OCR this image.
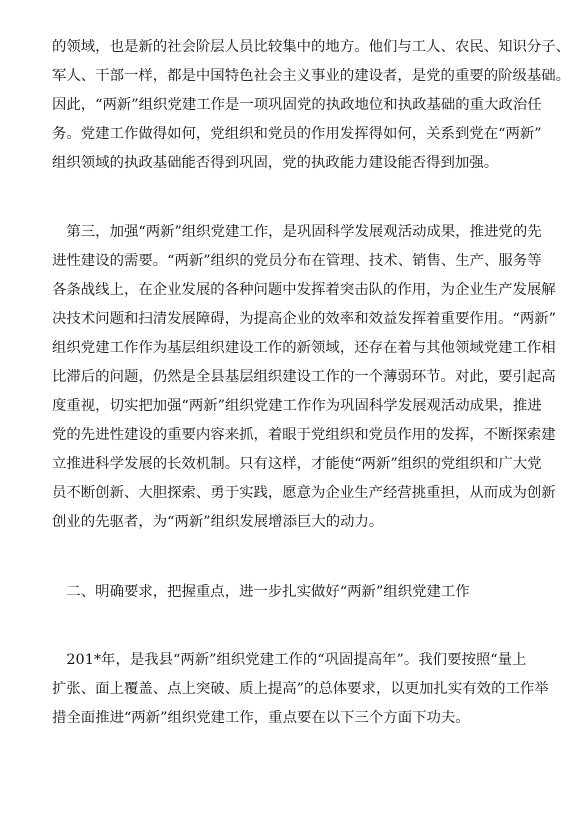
的领域，也是新的社会阶层人员比较集中的地方。他们与工人、农民、知识分子、
军人、干部一样，都是中国特色社会主义事业的建设者，是党的重要的阶级基础。
因此，“两新”组织党建工作是一项巩固党的执政地位和执政基础的重大政治任
务。党建工作做得如何，党组织和党员的作用发挥得如何，关系到党在“两新”
组织领域的执政基础能否得到巩固，党的执政能力建设能否得到加强。
　第三，加强“两新”组织党建工作，是巩固科学发展观活动成果，推进党的先
进性建设的需要。“两新”组织的党员分布在管理、技术、销售、生产、服务等
各条战线上，在企业发展的各种问题中发挥着突击队的作用，为企业生产发展解
决技术问题和扫清发展障碍，为提高企业的效率和效益发挥着重要作用。“两新”
组织党建工作作为基层组织建设工作的新领域，还存在着与其他领域党建工作相
比滞后的问题，仍然是全县基层组织建设工作的一个薄弱环节。对此，要引起高
度重视，切实把加强“两新”组织党建工作作为巩固科学发展观活动成果，推进
党的先进性建设的重要内容来抓，着眼于党组织和党员作用的发挥，不断探索建
立推进科学发展的长效机制。只有这样，才能使“两新”组织的党组织和广大党
员不断创新、大胆探索、勇于实践，愿意为企业生产经营挑重担，从而成为创新
创业的先驱者，为“两新”组织发展增添巨大的动力。
　二、明确要求，把握重点，进一步扎实做好“两新”组织党建工作
　201*年，是我县“两新”组织党建工作的“巩固提高年”。我们要按照“量上
扩张、面上覆盖、点上突破、质上提高”的总体要求，以更加扎实有效的工作举
措全面推进“两新”组织党建工作，重点要在以下三个方面下功夫。
